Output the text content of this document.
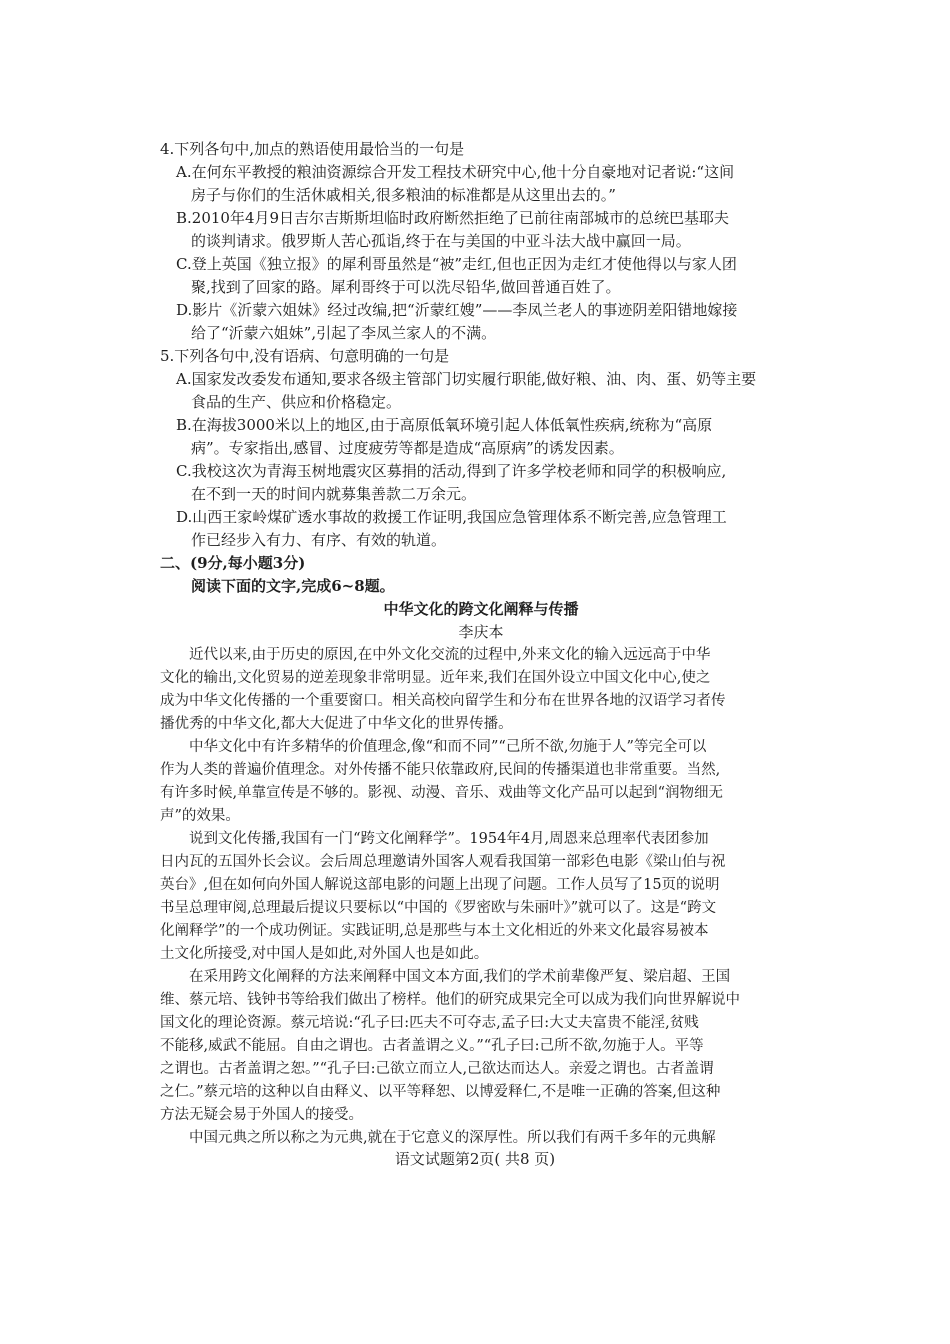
4.下列各句中,加点的熟语使用最恰当的一句是
A.在何东平教授的粮油资源综合开发工程技术研究中心,他十分自豪地对记者说:“这间
房子与你们的生活休戚相关,很多粮油的标准都是从这里出去的。”
B.2010年4月9日吉尔吉斯斯坦临时政府断然拒绝了已前往南部城市的总统巴基耶夫
的谈判请求。俄罗斯人苦心孤诣,终于在与美国的中亚斗法大战中赢回一局。
C.登上英国《独立报》的犀利哥虽然是“被”走红,但也正因为走红才使他得以与家人团
聚,找到了回家的路。犀利哥终于可以洗尽铅华,做回普通百姓了。
D.影片《沂蒙六姐妹》经过改编,把“沂蒙红嫂”——李凤兰老人的事迹阴差阳错地嫁接
给了“沂蒙六姐妹”,引起了李凤兰家人的不满。
5.下列各句中,没有语病、句意明确的一句是
A.国家发改委发布通知,要求各级主管部门切实履行职能,做好粮、油、肉、蛋、奶等主要
食品的生产、供应和价格稳定。
B.在海拔3000米以上的地区,由于高原低氧环境引起人体低氧性疾病,统称为“高原
病”。专家指出,感冒、过度疲劳等都是造成“高原病”的诱发因素。
C.我校这次为青海玉树地震灾区募捐的活动,得到了许多学校老师和同学的积极响应,
在不到一天的时间内就募集善款二万余元。
D.山西王家岭煤矿透水事故的救援工作证明,我国应急管理体系不断完善,应急管理工
作已经步入有力、有序、有效的轨道。
二、(9分,每小题3分)
阅读下面的文字,完成6~8题。
中华文化的跨文化阐释与传播
李庆本
近代以来,由于历史的原因,在中外文化交流的过程中,外来文化的输入远远高于中华
文化的输出,文化贸易的逆差现象非常明显。近年来,我们在国外设立中国文化中心,使之
成为中华文化传播的一个重要窗口。相关高校向留学生和分布在世界各地的汉语学习者传
播优秀的中华文化,都大大促进了中华文化的世界传播。
中华文化中有许多精华的价值理念,像“和而不同”“己所不欲,勿施于人”等完全可以
作为人类的普遍价值理念。对外传播不能只依靠政府,民间的传播渠道也非常重要。当然,
有许多时候,单靠宣传是不够的。影视、动漫、音乐、戏曲等文化产品可以起到“润物细无
声”的效果。
说到文化传播,我国有一门“跨文化阐释学”。1954年4月,周恩来总理率代表团参加
日内瓦的五国外长会议。会后周总理邀请外国客人观看我国第一部彩色电影《梁山伯与祝
英台》,但在如何向外国人解说这部电影的问题上出现了问题。工作人员写了15页的说明
书呈总理审阅,总理最后提议只要标以“中国的《罗密欧与朱丽叶》”就可以了。这是“跨文
化阐释学”的一个成功例证。实践证明,总是那些与本土文化相近的外来文化最容易被本
土文化所接受,对中国人是如此,对外国人也是如此。
在采用跨文化阐释的方法来阐释中国文本方面,我们的学术前辈像严复、梁启超、王国
维、蔡元培、钱钟书等给我们做出了榜样。他们的研究成果完全可以成为我们向世界解说中
国文化的理论资源。蔡元培说:“孔子曰:匹夫不可夺志,孟子曰:大丈夫富贵不能淫,贫贱
不能移,威武不能屈。自由之谓也。古者盖谓之义。”“孔子曰:己所不欲,勿施于人。平等
之谓也。古者盖谓之恕。”“孔子曰:己欲立而立人,己欲达而达人。亲爱之谓也。古者盖谓
之仁。”蔡元培的这种以自由释义、以平等释恕、以博爱释仁,不是唯一正确的答案,但这种
方法无疑会易于外国人的接受。
中国元典之所以称之为元典,就在于它意义的深厚性。所以我们有两千多年的元典解
语文试题第2页( 共8 页)
